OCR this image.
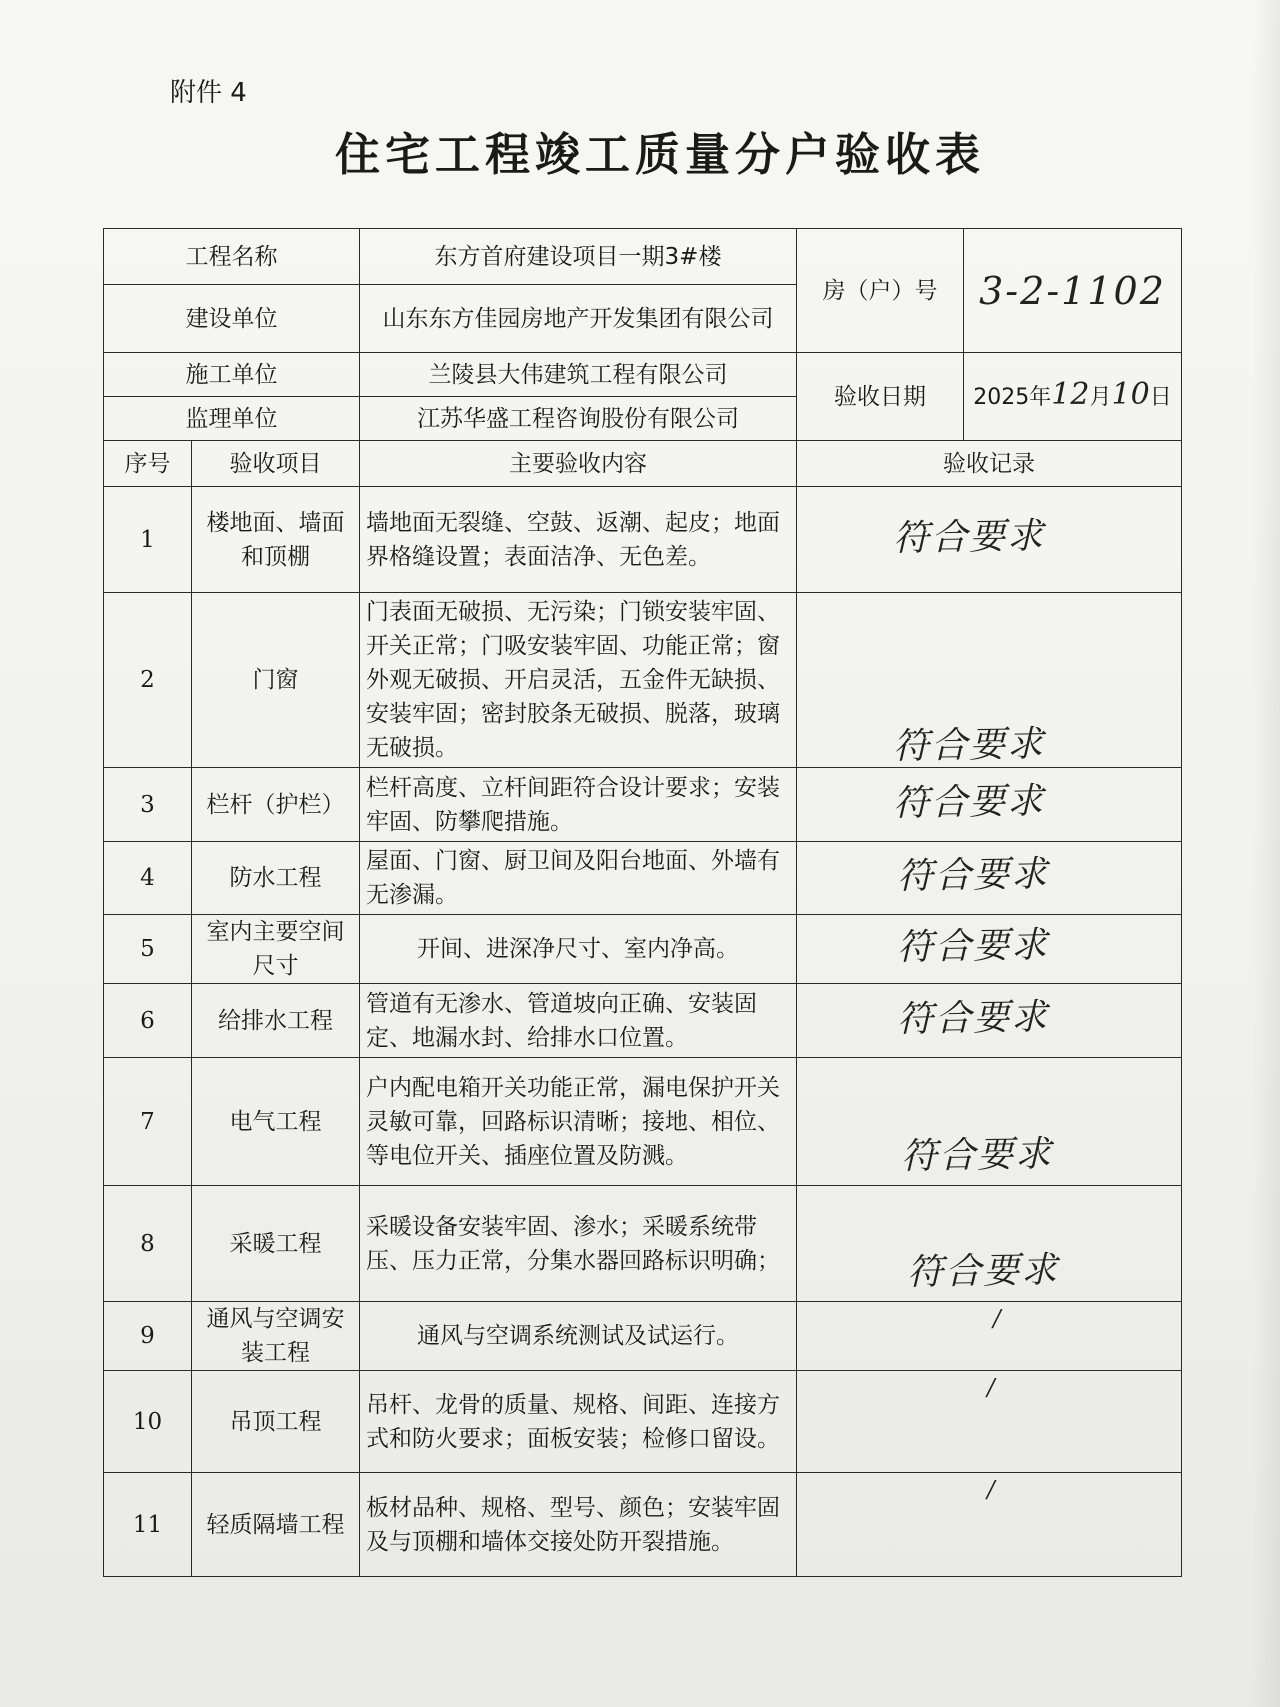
附件 4
住宅工程竣工质量分户验收表
工程名称		东方首府建设项目一期3#楼	房（户）号	3-2-1102
建设单位		山东东方佳园房地产开发集团有限公司		
施工单位		兰陵县大伟建筑工程有限公司	验收日期	2025年12月10日
监理单位		江苏华盛工程咨询股份有限公司		
序号	验收项目	主要验收内容	验收记录	
1	楼地面、墙面和顶棚	墙地面无裂缝、空鼓、返潮、起皮；地面界格缝设置；表面洁净、无色差。	符合要求	
2	门窗	门表面无破损、无污染；门锁安装牢固、开关正常；门吸安装牢固、功能正常；窗外观无破损、开启灵活，五金件无缺损、 安装牢固；密封胶条无破损、脱落，玻璃无破损。	符合要求	
3	栏杆（护栏）	栏杆高度、立杆间距符合设计要求；安装牢固、防攀爬措施。	符合要求	
4	防水工程	屋面、门窗、厨卫间及阳台地面、外墙有无渗漏。	符合要求	
5	室内主要空间尺寸	开间、进深净尺寸、室内净高。	符合要求	
6	给排水工程	管道有无渗水、管道坡向正确、安装固定、地漏水封、给排水口位置。	符合要求	
7	电气工程	户内配电箱开关功能正常，漏电保护开关灵敏可靠，回路标识清晰；接地、相位、等电位开关、插座位置及防溅。	符合要求	
8	采暖工程	采暖设备安装牢固、渗水；采暖系统带压、压力正常，分集水器回路标识明确；	符合要求	
9	通风与空调安装工程	通风与空调系统测试及试运行。	/	
10	吊顶工程	吊杆、龙骨的质量、规格、间距、连接方式和防火要求；面板安装；检修口留设。	/	
11	轻质隔墙工程	板材品种、规格、型号、颜色；安装牢固及与顶棚和墙体交接处防开裂措施。	/	
